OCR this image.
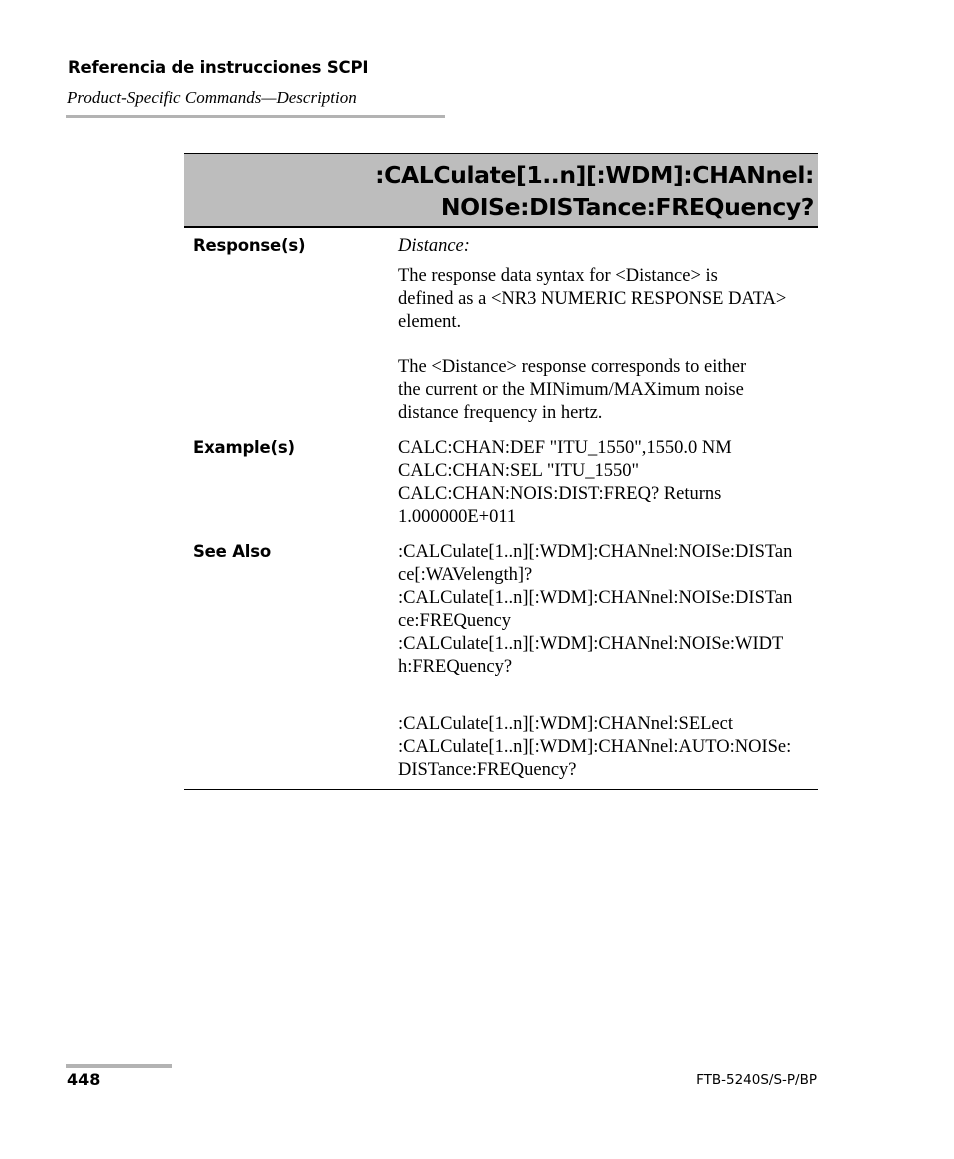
Referencia de instrucciones SCPI
Product-Specific Commands—Description
:CALCulate[1..n][:WDM]:CHANnel:
NOISe:DISTance:FREQuency?
Response(s)	Distance:
The response data syntax for <Distance> is
defined as a <NR3 NUMERIC RESPONSE DATA>
element.
The <Distance> response corresponds to either
the current or the MINimum/MAXimum noise
distance frequency in hertz.
Example(s)	CALC:CHAN:DEF "ITU_1550",1550.0 NM
CALC:CHAN:SEL "ITU_1550"
CALC:CHAN:NOIS:DIST:FREQ? Returns
1.000000E+011
See Also	:CALCulate[1..n][:WDM]:CHANnel:NOISe:DISTan
ce[:WAVelength]?
:CALCulate[1..n][:WDM]:CHANnel:NOISe:DISTan
ce:FREQuency
:CALCulate[1..n][:WDM]:CHANnel:NOISe:WIDT
h:FREQuency?
:CALCulate[1..n][:WDM]:CHANnel:SELect
:CALCulate[1..n][:WDM]:CHANnel:AUTO:NOISe:
DISTance:FREQuency?
448	FTB-5240S/S-P/BP
